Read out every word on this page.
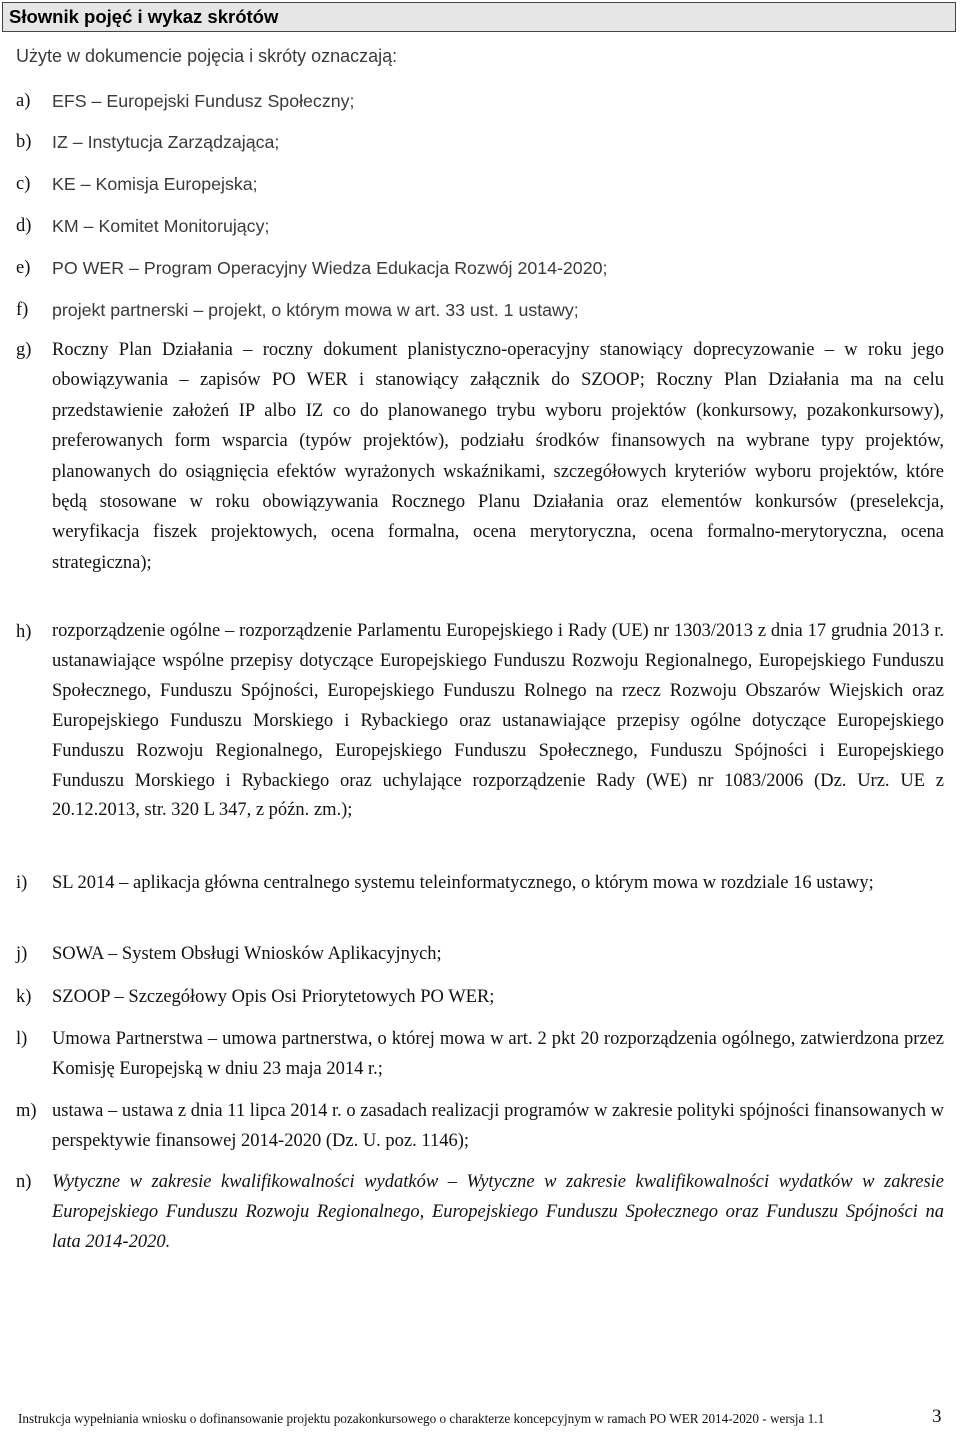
Słownik pojęć i wykaz skrótów
Użyte w dokumencie pojęcia i skróty oznaczają:
a) EFS – Europejski Fundusz Społeczny;
b) IZ – Instytucja Zarządzająca;
c) KE – Komisja Europejska;
d) KM – Komitet Monitorujący;
e) PO WER – Program Operacyjny Wiedza Edukacja Rozwój 2014-2020;
f) projekt partnerski – projekt, o którym mowa w art. 33 ust. 1 ustawy;
g) Roczny Plan Działania – roczny dokument planistyczno-operacyjny stanowiący doprecyzowanie – w roku jego obowiązywania – zapisów PO WER i stanowiący załącznik do SZOOP; Roczny Plan Działania ma na celu przedstawienie założeń IP albo IZ co do planowanego trybu wyboru projektów (konkursowy, pozakonkursowy), preferowanych form wsparcia (typów projektów), podziału środków finansowych na wybrane typy projektów, planowanych do osiągnięcia efektów wyrażonych wskaźnikami, szczegółowych kryteriów wyboru projektów, które będą stosowane w roku obowiązywania Rocznego Planu Działania oraz elementów konkursów (preselekcja, weryfikacja fiszek projektowych, ocena formalna, ocena merytoryczna, ocena formalno-merytoryczna, ocena strategiczna);
h) rozporządzenie ogólne – rozporządzenie Parlamentu Europejskiego i Rady (UE) nr 1303/2013 z dnia 17 grudnia 2013 r. ustanawiające wspólne przepisy dotyczące Europejskiego Funduszu Rozwoju Regionalnego, Europejskiego Funduszu Społecznego, Funduszu Spójności, Europejskiego Funduszu Rolnego na rzecz Rozwoju Obszarów Wiejskich oraz Europejskiego Funduszu Morskiego i Rybackiego oraz ustanawiające przepisy ogólne dotyczące Europejskiego Funduszu Rozwoju Regionalnego, Europejskiego Funduszu Społecznego, Funduszu Spójności i Europejskiego Funduszu Morskiego i Rybackiego oraz uchylające rozporządzenie Rady (WE) nr 1083/2006 (Dz. Urz. UE z 20.12.2013, str. 320 L 347, z późn. zm.);
i) SL 2014 – aplikacja główna centralnego systemu teleinformatycznego, o którym mowa w rozdziale 16 ustawy;
j) SOWA – System Obsługi Wniosków Aplikacyjnych;
k) SZOOP – Szczegółowy Opis Osi Priorytetowych PO WER;
l) Umowa Partnerstwa – umowa partnerstwa, o której mowa w art. 2 pkt 20 rozporządzenia ogólnego, zatwierdzona przez Komisję Europejską w dniu 23 maja 2014 r.;
m) ustawa – ustawa z dnia 11 lipca 2014 r. o zasadach realizacji programów w zakresie polityki spójności finansowanych w perspektywie finansowej 2014-2020 (Dz. U. poz. 1146);
n) Wytyczne w zakresie kwalifikowalności wydatków – Wytyczne w zakresie kwalifikowalności wydatków w zakresie Europejskiego Funduszu Rozwoju Regionalnego, Europejskiego Funduszu Społecznego oraz Funduszu Spójności na lata 2014-2020.
Instrukcja wypełniania wniosku o dofinansowanie projektu pozakonkursowego o charakterze koncepcyjnym w ramach PO WER 2014-2020 - wersja 1.1	3
